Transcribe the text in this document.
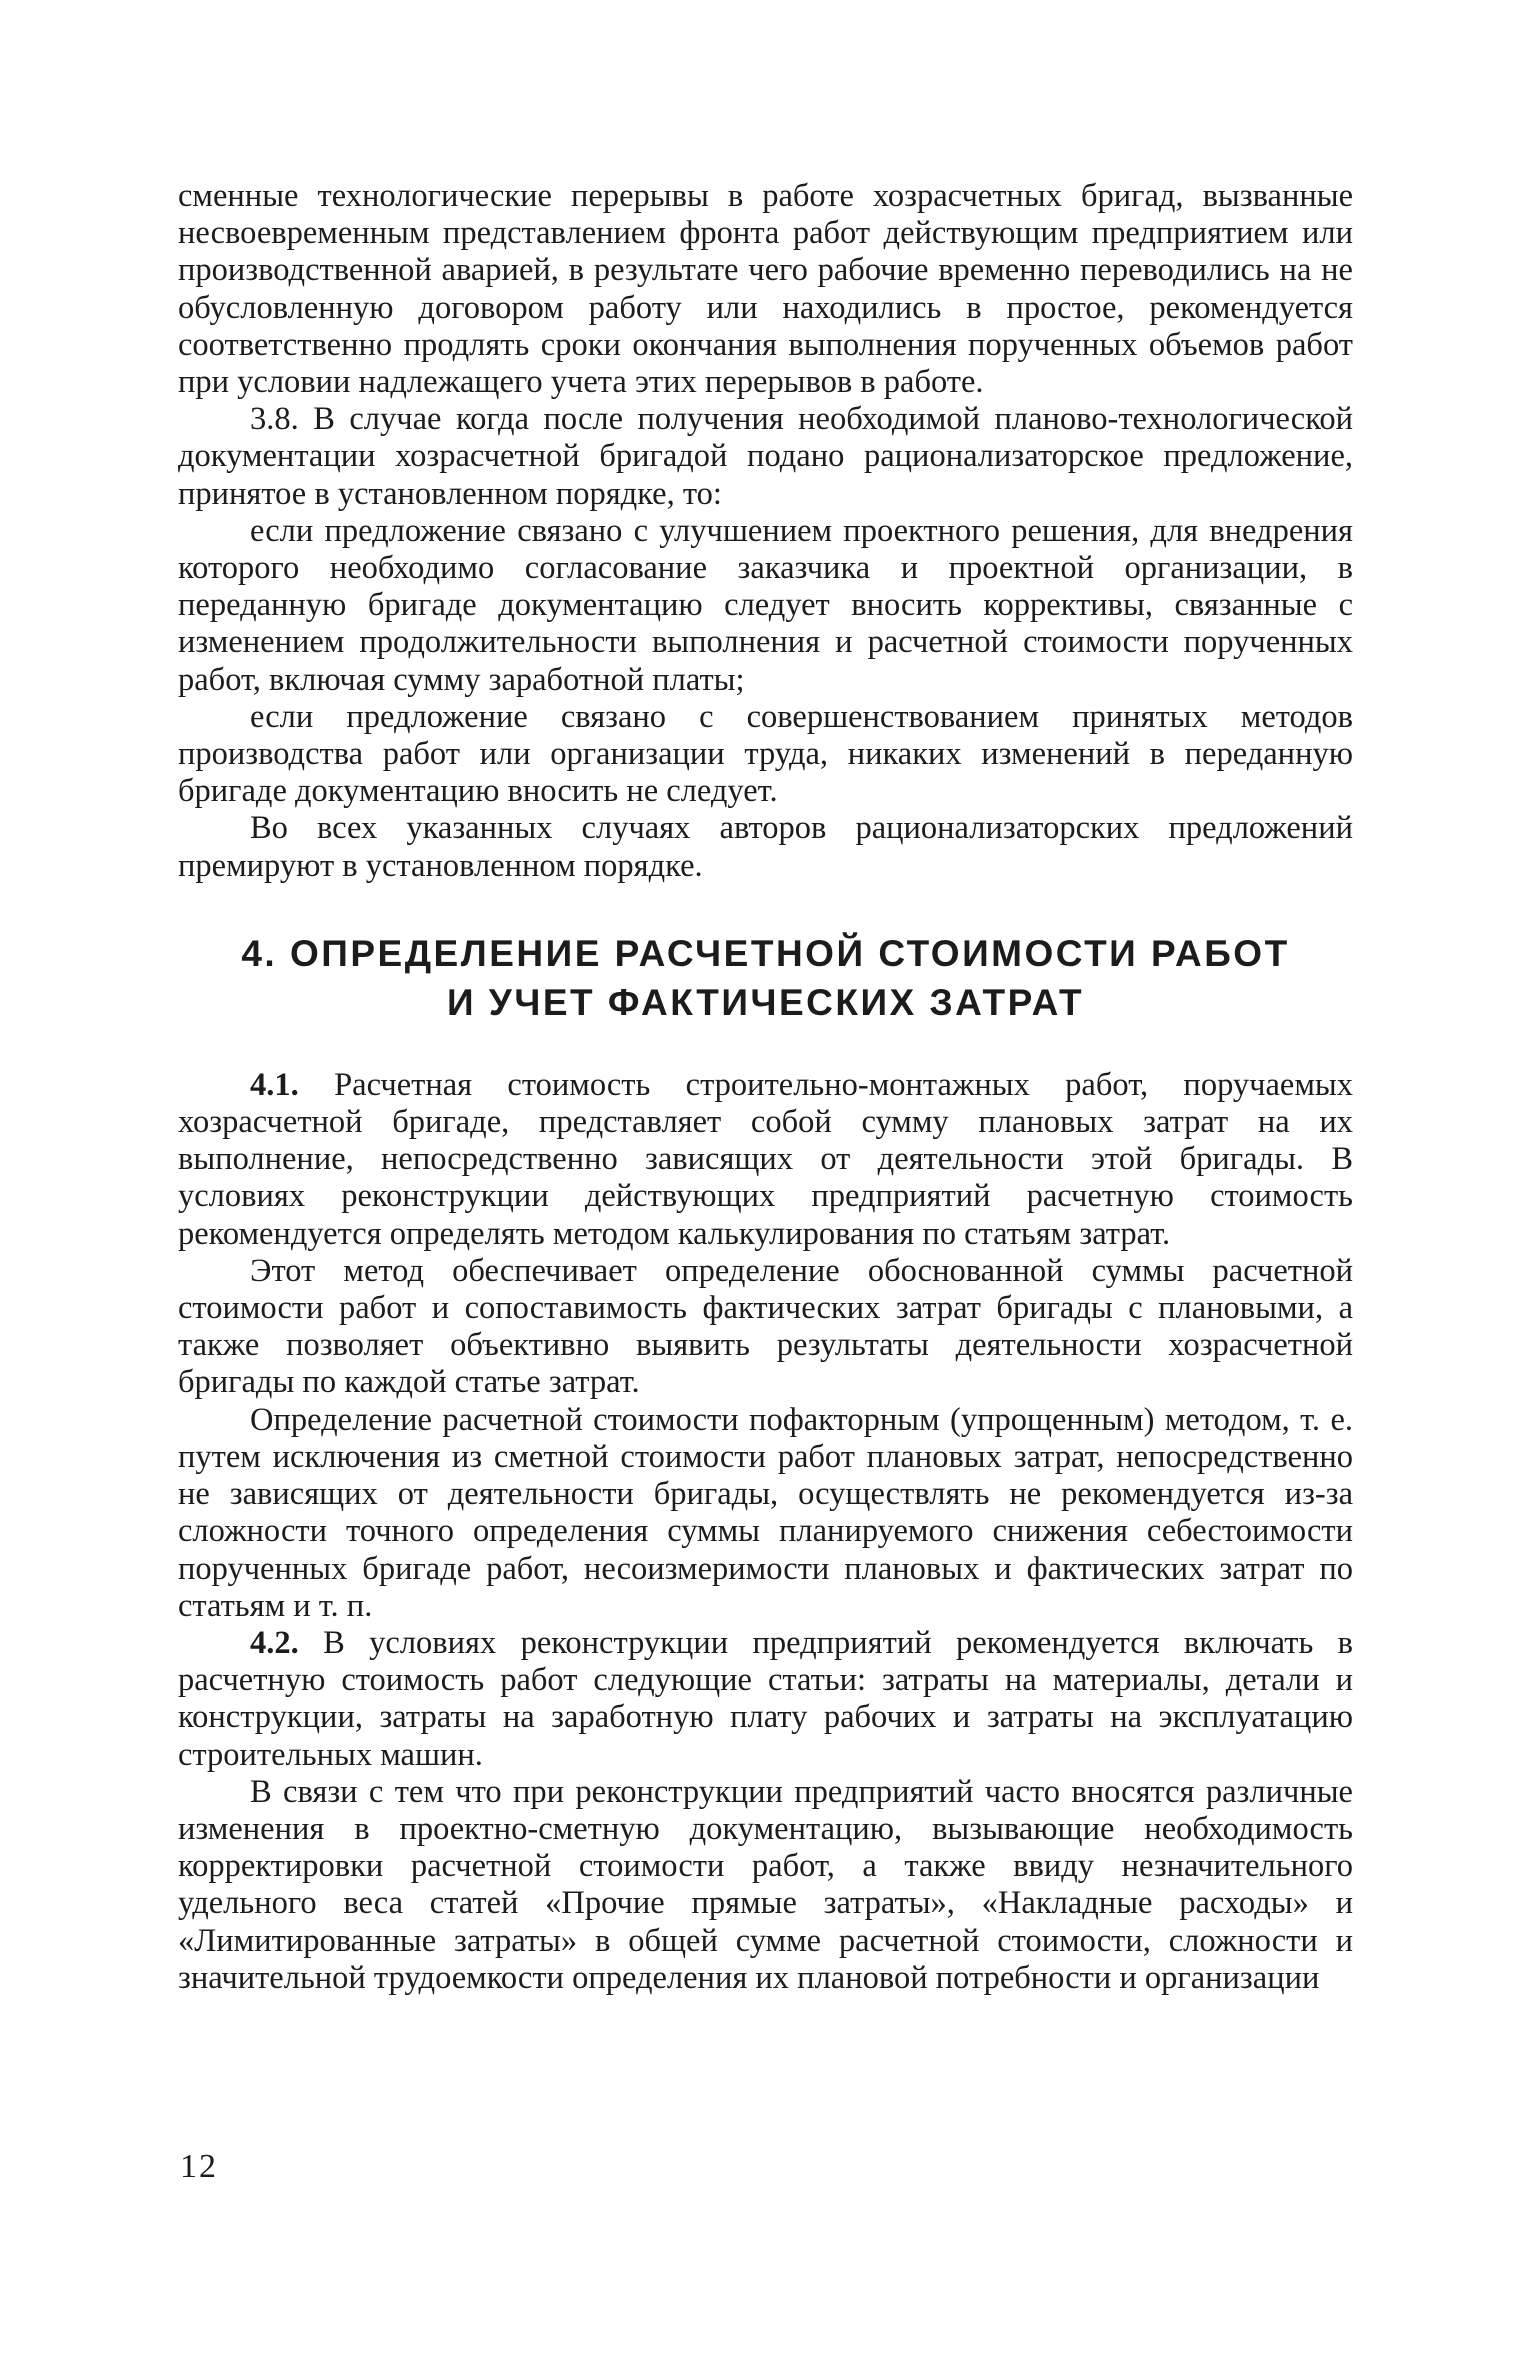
сменные технологические перерывы в работе хозрасчетных бригад, вызванные несвоевременным представлением фронта работ действующим предприятием или производственной аварией, в результате чего рабочие временно переводились на не обусловленную договором работу или находились в простое, рекомендуется соответственно продлять сроки окончания выполнения порученных объемов работ при условии надлежащего учета этих перерывов в работе.

3.8. В случае когда после получения необходимой планово-технологической документации хозрасчетной бригадой подано рационализаторское предложение, принятое в установленном порядке, то:

если предложение связано с улучшением проектного решения, для внедрения которого необходимо согласование заказчика и проектной организации, в переданную бригаде документацию следует вносить коррективы, связанные с изменением продолжительности выполнения и расчетной стоимости порученных работ, включая сумму заработной платы;

если предложение связано с совершенствованием принятых методов производства работ или организации труда, никаких изменений в переданную бригаде документацию вносить не следует.

Во всех указанных случаях авторов рационализаторских предложений премируют в установленном порядке.

4. ОПРЕДЕЛЕНИЕ РАСЧЕТНОЙ СТОИМОСТИ РАБОТ

И УЧЕТ ФАКТИЧЕСКИХ ЗАТРАТ

4.1. Расчетная стоимость строительно-монтажных работ, поручаемых хозрасчетной бригаде, представляет собой сумму плановых затрат на их выполнение, непосредственно зависящих от деятельности этой бригады. В условиях реконструкции действующих предприятий расчетную стоимость рекомендуется определять методом калькулирования по статьям затрат.

Этот метод обеспечивает определение обоснованной суммы расчетной стоимости работ и сопоставимость фактических затрат бригады с плановыми, а также позволяет объективно выявить результаты деятельности хозрасчетной бригады по каждой статье затрат.

Определение расчетной стоимости пофакторным (упрощенным) методом, т. е. путем исключения из сметной стоимости работ плановых затрат, непосредственно не зависящих от деятельности бригады, осуществлять не рекомендуется из-за сложности точного определения суммы планируемого снижения себестоимости порученных бригаде работ, несоизмеримости плановых и фактических затрат по статьям и т. п.

4.2. В условиях реконструкции предприятий рекомендуется включать в расчетную стоимость работ следующие статьи: затраты на материалы, детали и конструкции, затраты на заработную плату рабочих и затраты на эксплуатацию строительных машин.

В связи с тем что при реконструкции предприятий часто вносятся различные изменения в проектно-сметную документацию, вызывающие необходимость корректировки расчетной стоимости работ, а также ввиду незначительного удельного веса статей «Прочие прямые затраты», «Накладные расходы» и «Лимитированные затраты» в общей сумме расчетной стоимости, сложности и значительной трудоемкости определения их плановой потребности и организации

12
